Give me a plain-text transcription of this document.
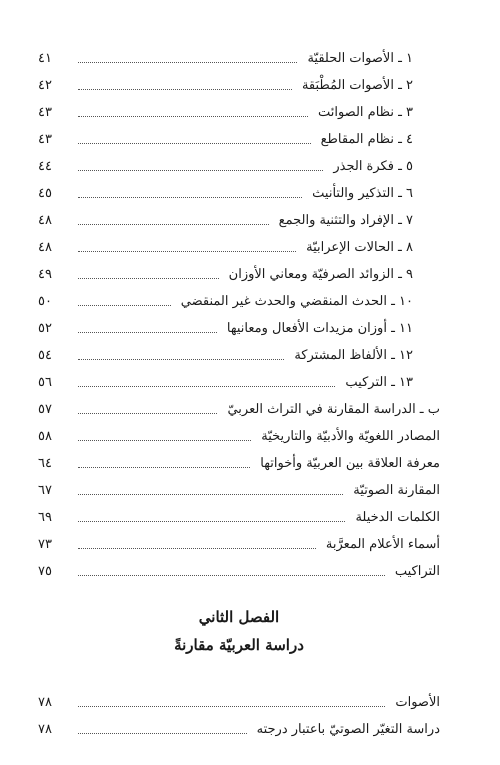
١ ـ الأصوات الحلقيّة
٤١
٢ ـ الأصوات المُطْبَقة
٤٢
٣ ـ نظام الصوائت
٤٣
٤ ـ نظام المقاطع
٤٣
٥ ـ فكرة الجذر
٤٤
٦ ـ التذكير والتأنيث
٤٥
٧ ـ الإفراد والتثنية والجمع
٤٨
٨ ـ الحالات الإعرابيّة
٤٨
٩ ـ الزوائد الصرفيّة ومعاني الأوزان
٤٩
١٠ ـ الحدث المنقضي والحدث غير المنقضي
٥٠
١١ ـ أوزان مزيدات الأفعال ومعانيها
٥٢
١٢ ـ الألفاظ المشتركة
٥٤
١٣ ـ التركيب
٥٦
ب ـ الدراسة المقارنة في التراث العربيّ
٥٧
المصادر اللغويّة والأدبيّة والتاريخيّة
٥٨
معرفة العلاقة بين العربيّة وأخواتها
٦٤
المقارنة الصوتيّة
٦٧
الكلمات الدخيلة
٦٩
أسماء الأعلام المعرَّبة
٧٣
التراكيب
٧٥
الفصل الثاني
دراسة العربيّة مقارنةً
الأصوات
٧٨
دراسة التغيّر الصوتيّ باعتبار درجته
٧٨
